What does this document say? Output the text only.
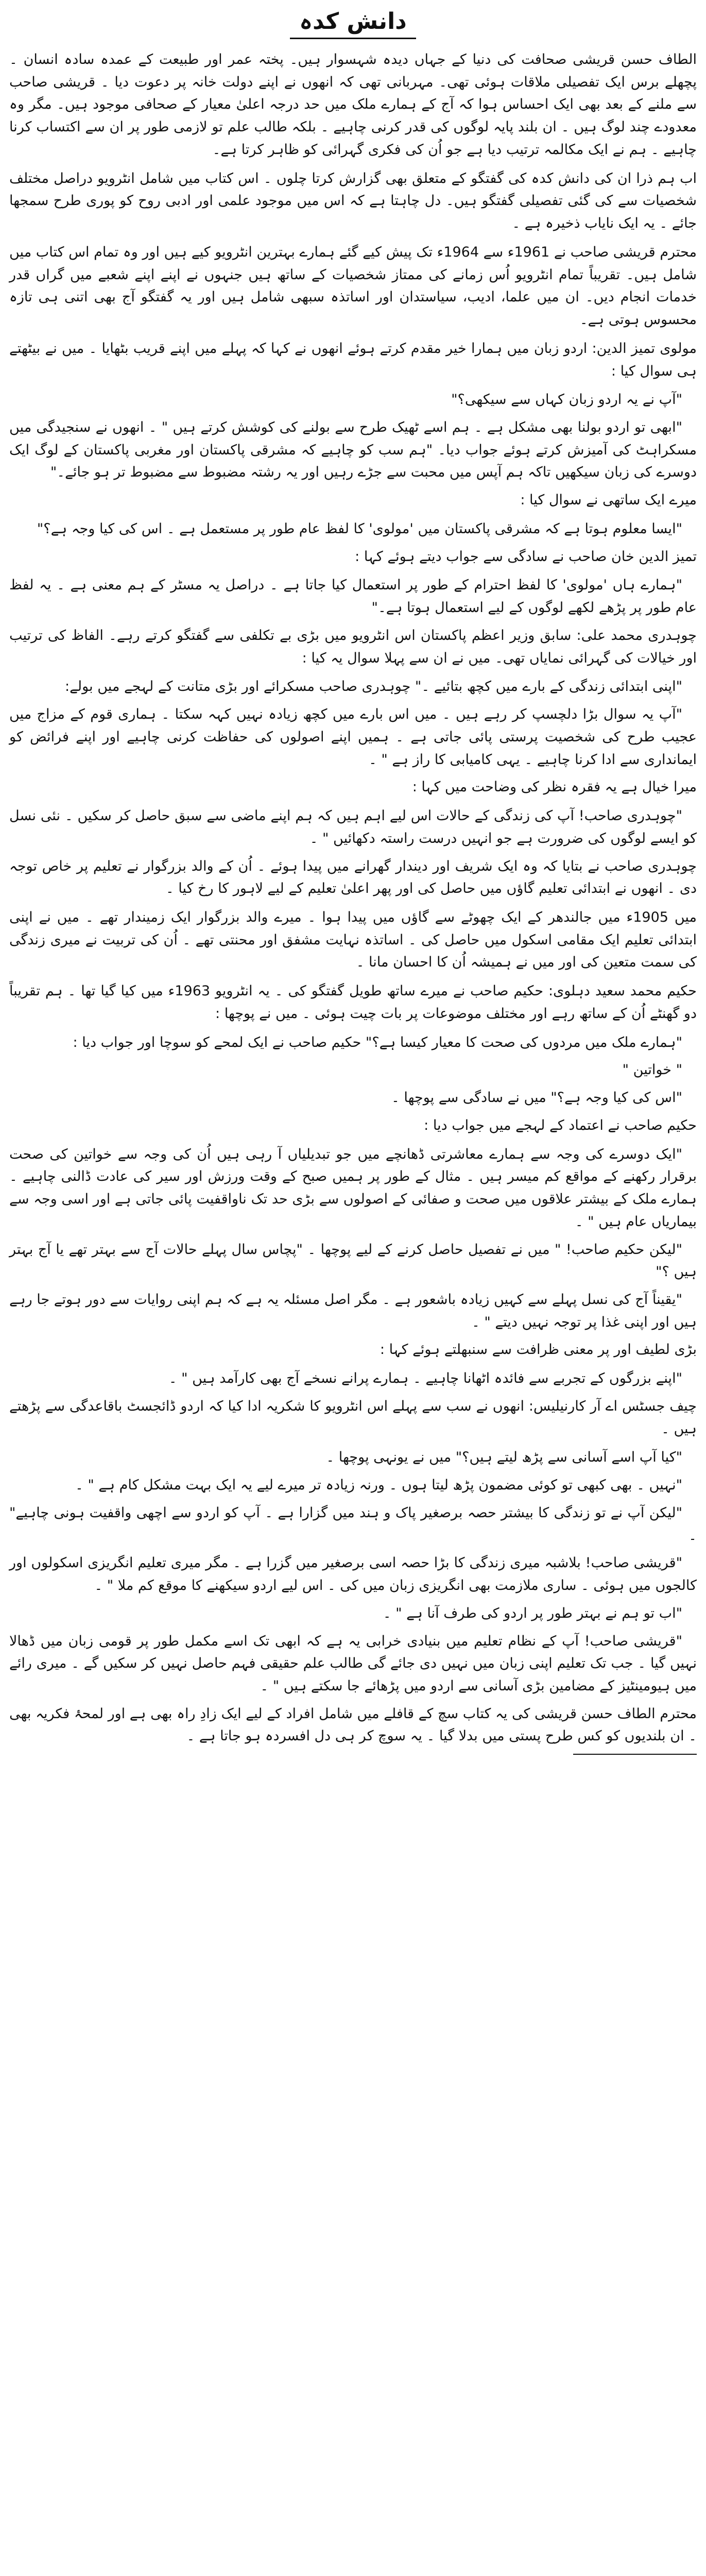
دانش کدہ

الطاف حسن قریشی صحافت کی دنیا کے جہاں دیدہ شہسوار ہیں۔ پختہ عمر اور طبیعت کے عمدہ سادہ انسان ۔ پچھلے برس ایک تفصیلی ملاقات ہوئی تھی۔ مہربانی تھی کہ انھوں نے اپنے دولت خانہ پر دعوت دیا ۔ قریشی صاحب سے ملنے کے بعد بھی ایک احساس ہوا کہ آج کے ہمارے ملک میں حد درجہ اعلیٰ معیار کے صحافی موجود ہیں۔ مگر وہ معدودے چند لوگ ہیں ۔ ان بلند پایہ لوگوں کی قدر کرنی چاہیے ۔ بلکہ طالب علم تو لازمی طور پر ان سے اکتساب کرنا چاہیے ۔ ہم نے ایک مکالمہ ترتیب دیا ہے جو اُن کی فکری گہرائی کو ظاہر کرتا ہے۔

اب ہم ذرا ان کی دانش کدہ کی گفتگو کے متعلق بھی گزارش کرتا چلوں ۔ اس کتاب میں شامل انٹرویو دراصل مختلف شخصیات سے کی گئی تفصیلی گفتگو ہیں۔ دل چاہتا ہے کہ اس میں موجود علمی اور ادبی روح کو پوری طرح سمجھا جائے ۔ یہ ایک نایاب ذخیرہ ہے ۔

محترم قریشی صاحب نے 1961ء سے 1964ء تک پیش کیے گئے ہمارے بہترین انٹرویو کیے ہیں اور وہ تمام اس کتاب میں شامل ہیں۔ تقریباً تمام انٹرویو اُس زمانے کی ممتاز شخصیات کے ساتھ ہیں جنہوں نے اپنے اپنے شعبے میں گراں قدر خدمات انجام دیں۔ ان میں علما، ادیب، سیاستدان اور اساتذہ سبھی شامل ہیں اور یہ گفتگو آج بھی اتنی ہی تازہ محسوس ہوتی ہے۔

مولوی تمیز الدین: اردو زبان میں ہمارا خیر مقدم کرتے ہوئے انھوں نے کہا کہ پہلے میں اپنے قریب بٹھایا ۔ میں نے بیٹھتے ہی سوال کیا :

"آپ نے یہ اردو زبان کہاں سے سیکھی؟"

"ابھی تو اردو بولنا بھی مشکل ہے ۔ ہم اسے ٹھیک طرح سے بولنے کی کوشش کرتے ہیں " ۔ انھوں نے سنجیدگی میں مسکراہٹ کی آمیزش کرتے ہوئے جواب دیا۔ "ہم سب کو چاہیے کہ مشرقی پاکستان اور مغربی پاکستان کے لوگ ایک دوسرے کی زبان سیکھیں تاکہ ہم آپس میں محبت سے جڑے رہیں اور یہ رشتہ مضبوط سے مضبوط تر ہو جائے۔"

میرے ایک ساتھی نے سوال کیا :

"ایسا معلوم ہوتا ہے کہ مشرقی پاکستان میں 'مولوی' کا لفظ عام طور پر مستعمل ہے ۔ اس کی کیا وجہ ہے؟"

تمیز الدین خان صاحب نے سادگی سے جواب دیتے ہوئے کہا :

"ہمارے ہاں 'مولوی' کا لفظ احترام کے طور پر استعمال کیا جاتا ہے ۔ دراصل یہ مسٹر کے ہم معنی ہے ۔ یہ لفظ عام طور پر پڑھے لکھے لوگوں کے لیے استعمال ہوتا ہے۔"

چوہدری محمد علی: سابق وزیر اعظم پاکستان اس انٹرویو میں بڑی بے تکلفی سے گفتگو کرتے رہے۔ الفاظ کی ترتیب اور خیالات کی گہرائی نمایاں تھی۔ میں نے ان سے پہلا سوال یہ کیا :

"اپنی ابتدائی زندگی کے بارے میں کچھ بتائیے ۔" چوہدری صاحب مسکرائے اور بڑی متانت کے لہجے میں بولے:

"آپ یہ سوال بڑا دلچسپ کر رہے ہیں ۔ میں اس بارے میں کچھ زیادہ نہیں کہہ سکتا ۔ ہماری قوم کے مزاج میں عجیب طرح کی شخصیت پرستی پائی جاتی ہے ۔ ہمیں اپنے اصولوں کی حفاظت کرنی چاہیے اور اپنے فرائض کو ایمانداری سے ادا کرنا چاہیے ۔ یہی کامیابی کا راز ہے " ۔

میرا خیال ہے یہ فقرہ نظر کی وضاحت میں کہا :

"چوہدری صاحب! آپ کی زندگی کے حالات اس لیے اہم ہیں کہ ہم اپنے ماضی سے سبق حاصل کر سکیں ۔ نئی نسل کو ایسے لوگوں کی ضرورت ہے جو انہیں درست راستہ دکھائیں " ۔

چوہدری صاحب نے بتایا کہ وہ ایک شریف اور دیندار گھرانے میں پیدا ہوئے ۔ اُن کے والد بزرگوار نے تعلیم پر خاص توجہ دی ۔ انھوں نے ابتدائی تعلیم گاؤں میں حاصل کی اور پھر اعلیٰ تعلیم کے لیے لاہور کا رخ کیا ۔

میں 1905ء میں جالندھر کے ایک چھوٹے سے گاؤں میں پیدا ہوا ۔ میرے والد بزرگوار ایک زمیندار تھے ۔ میں نے اپنی ابتدائی تعلیم ایک مقامی اسکول میں حاصل کی ۔ اساتذہ نہایت مشفق اور محنتی تھے ۔ اُن کی تربیت نے میری زندگی کی سمت متعین کی اور میں نے ہمیشہ اُن کا احسان مانا ۔

حکیم محمد سعید دہلوی: حکیم صاحب نے میرے ساتھ طویل گفتگو کی ۔ یہ انٹرویو 1963ء میں کیا گیا تھا ۔ ہم تقریباً دو گھنٹے اُن کے ساتھ رہے اور مختلف موضوعات پر بات چیت ہوئی ۔ میں نے پوچھا :

"ہمارے ملک میں مردوں کی صحت کا معیار کیسا ہے؟" حکیم صاحب نے ایک لمحے کو سوچا اور جواب دیا :

" خواتین "

"اس کی کیا وجہ ہے؟" میں نے سادگی سے پوچھا ۔

حکیم صاحب نے اعتماد کے لہجے میں جواب دیا :

"ایک دوسرے کی وجہ سے ہمارے معاشرتی ڈھانچے میں جو تبدیلیاں آ رہی ہیں اُن کی وجہ سے خواتین کی صحت برقرار رکھنے کے مواقع کم میسر ہیں ۔ مثال کے طور پر ہمیں صبح کے وقت ورزش اور سیر کی عادت ڈالنی چاہیے ۔ ہمارے ملک کے بیشتر علاقوں میں صحت و صفائی کے اصولوں سے بڑی حد تک ناواقفیت پائی جاتی ہے اور اسی وجہ سے بیماریاں عام ہیں " ۔

"لیکن حکیم صاحب! " میں نے تفصیل حاصل کرنے کے لیے پوچھا ۔ "پچاس سال پہلے حالات آج سے بہتر تھے یا آج بہتر ہیں ؟"

"یقیناً آج کی نسل پہلے سے کہیں زیادہ باشعور ہے ۔ مگر اصل مسئلہ یہ ہے کہ ہم اپنی روایات سے دور ہوتے جا رہے ہیں اور اپنی غذا پر توجہ نہیں دیتے " ۔

بڑی لطیف اور پر معنی ظرافت سے سنبھلتے ہوئے کہا :

"اپنے بزرگوں کے تجربے سے فائدہ اٹھانا چاہیے ۔ ہمارے پرانے نسخے آج بھی کارآمد ہیں " ۔

چیف جسٹس اے آر کارنیلیس: انھوں نے سب سے پہلے اس انٹرویو کا شکریہ ادا کیا کہ اردو ڈائجسٹ باقاعدگی سے پڑھتے ہیں ۔

"کیا آپ اسے آسانی سے پڑھ لیتے ہیں؟" میں نے یونہی پوچھا ۔

"نہیں ۔ بھی کبھی تو کوئی مضمون پڑھ لیتا ہوں ۔ ورنہ زیادہ تر میرے لیے یہ ایک بہت مشکل کام ہے " ۔

"لیکن آپ نے تو زندگی کا بیشتر حصہ برصغیر پاک و ہند میں گزارا ہے ۔ آپ کو اردو سے اچھی واقفیت ہونی چاہیے" ۔

"قریشی صاحب! بلاشبہ میری زندگی کا بڑا حصہ اسی برصغیر میں گزرا ہے ۔ مگر میری تعلیم انگریزی اسکولوں اور کالجوں میں ہوئی ۔ ساری ملازمت بھی انگریزی زبان میں کی ۔ اس لیے اردو سیکھنے کا موقع کم ملا " ۔

"اب تو ہم نے بہتر طور پر اردو کی طرف آنا ہے " ۔

"قریشی صاحب! آپ کے نظام تعلیم میں بنیادی خرابی یہ ہے کہ ابھی تک اسے مکمل طور پر قومی زبان میں ڈھالا نہیں گیا ۔ جب تک تعلیم اپنی زبان میں نہیں دی جائے گی طالب علم حقیقی فہم حاصل نہیں کر سکیں گے ۔ میری رائے میں ہیومینٹیز کے مضامین بڑی آسانی سے اردو میں پڑھائے جا سکتے ہیں " ۔

محترم الطاف حسن قریشی کی یہ کتاب سچ کے قافلے میں شامل افراد کے لیے ایک زادِ راہ بھی ہے اور لمحۂ فکریہ بھی ۔ ان بلندیوں کو کس طرح پستی میں بدلا گیا ۔ یہ سوچ کر ہی دل افسردہ ہو جاتا ہے ۔
